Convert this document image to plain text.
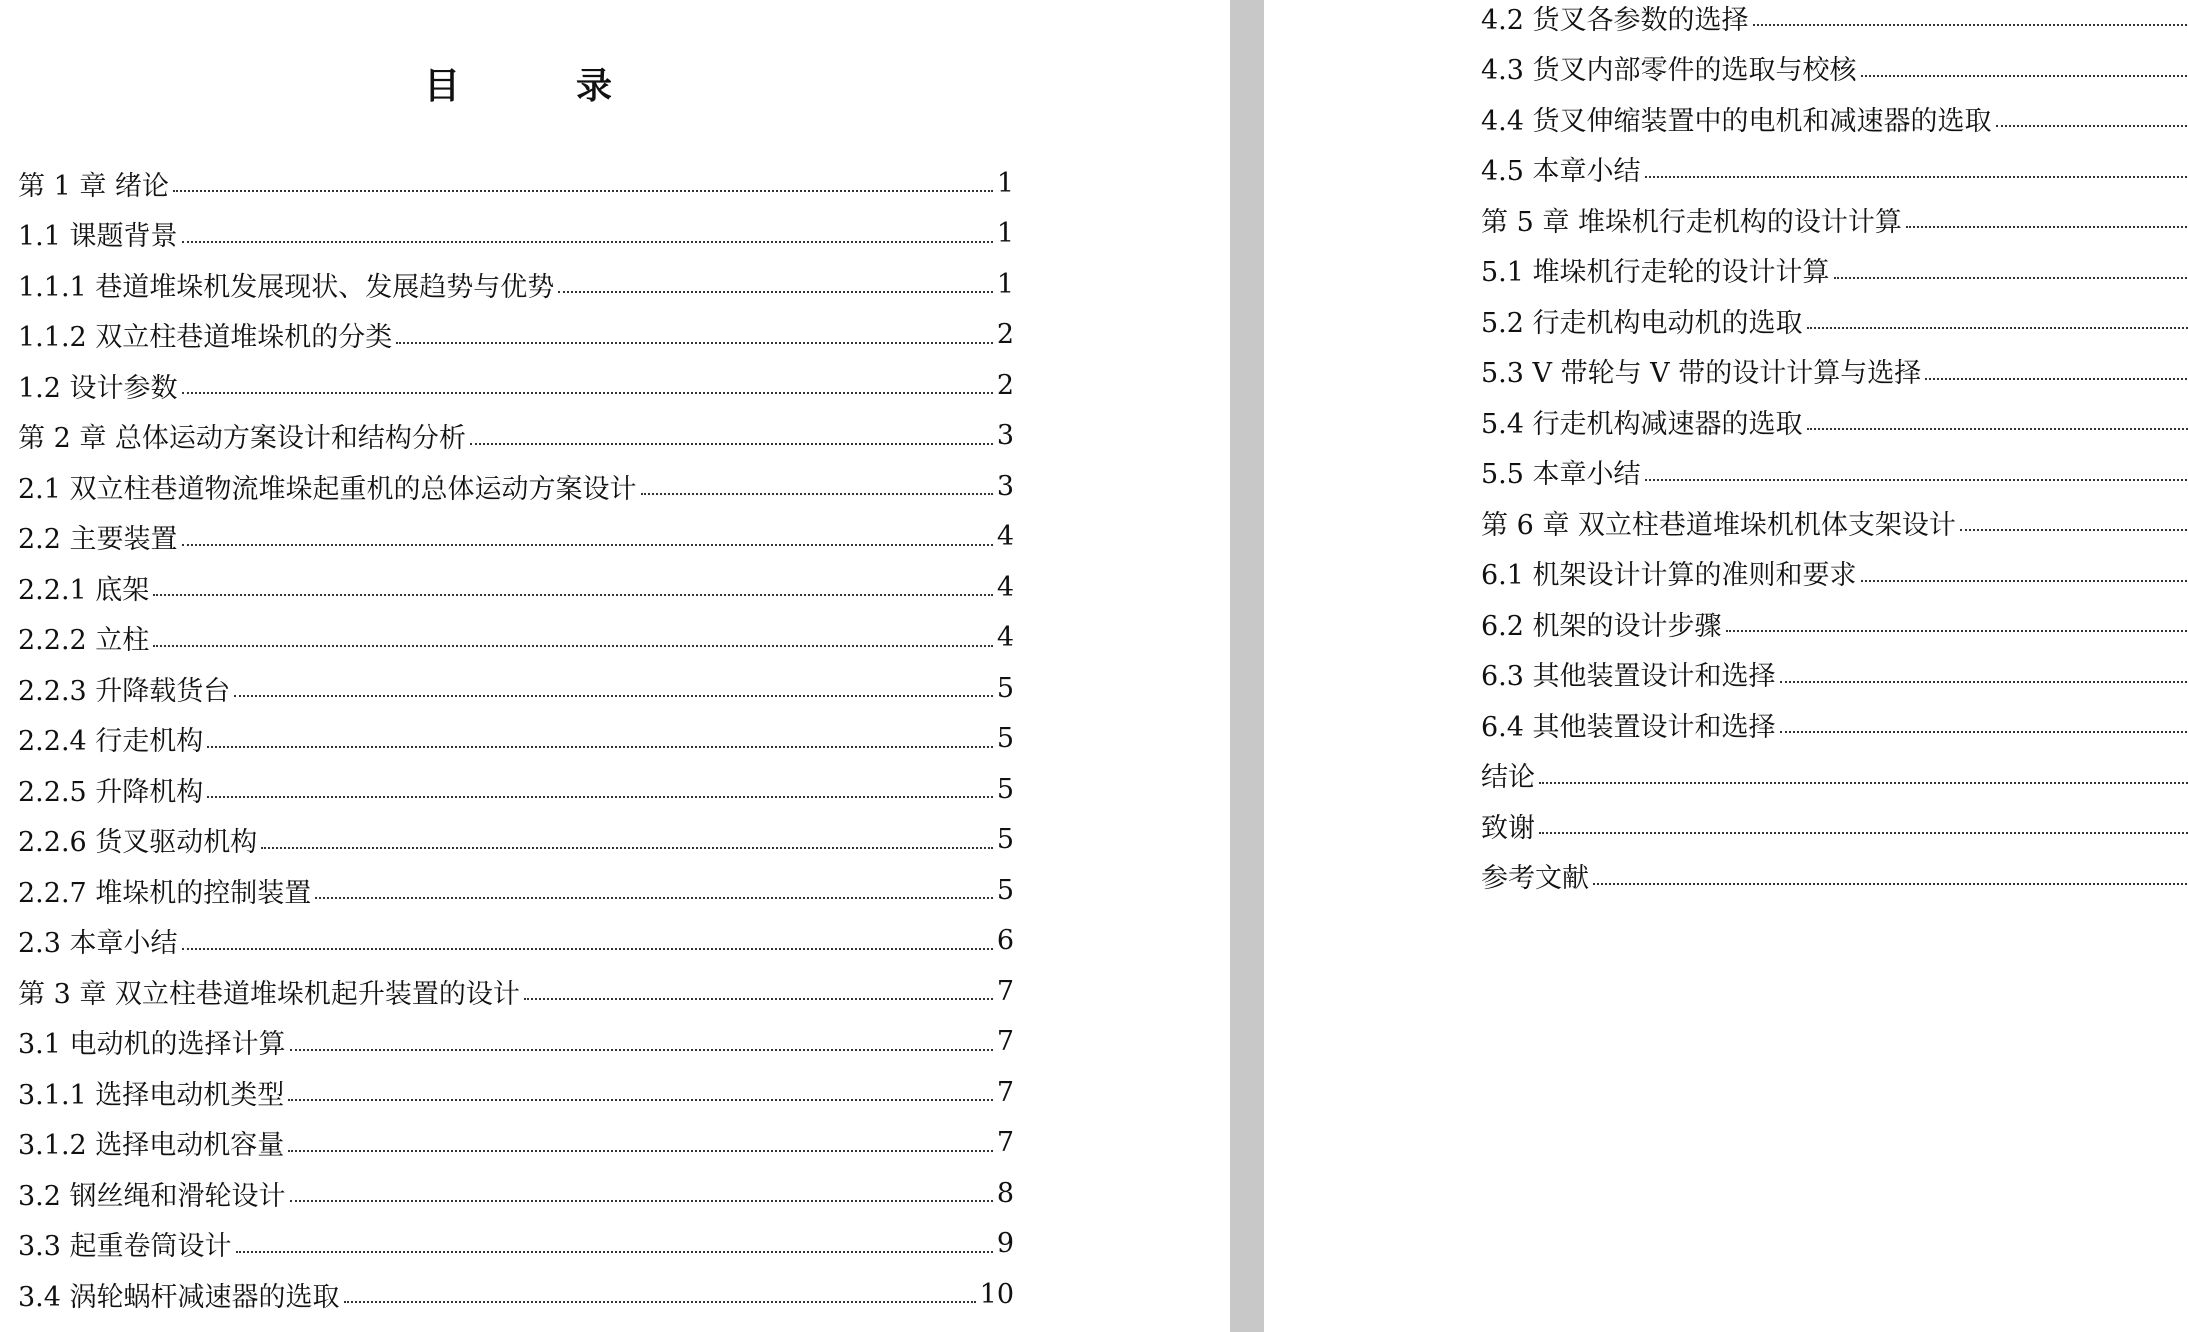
目　录
第 1 章 绪论	1
1.1 课题背景	1
1.1.1 巷道堆垛机发展现状、发展趋势与优势	1
1.1.2 双立柱巷道堆垛机的分类	2
1.2 设计参数	2
第 2 章 总体运动方案设计和结构分析	3
2.1 双立柱巷道物流堆垛起重机的总体运动方案设计	3
2.2 主要装置	4
2.2.1 底架	4
2.2.2 立柱	4
2.2.3 升降载货台	5
2.2.4 行走机构	5
2.2.5 升降机构	5
2.2.6 货叉驱动机构	5
2.2.7 堆垛机的控制装置	5
2.3 本章小结	6
第 3 章 双立柱巷道堆垛机起升装置的设计	7
3.1 电动机的选择计算	7
3.1.1 选择电动机类型	7
3.1.2 选择电动机容量	7
3.2 钢丝绳和滑轮设计	8
3.3 起重卷筒设计	9
3.4 涡轮蜗杆减速器的选取	10
4.2 货叉各参数的选择
4.3 货叉内部零件的选取与校核
4.4 货叉伸缩装置中的电机和减速器的选取
4.5 本章小结
第 5 章 堆垛机行走机构的设计计算
5.1 堆垛机行走轮的设计计算
5.2 行走机构电动机的选取
5.3 V 带轮与 V 带的设计计算与选择
5.4 行走机构减速器的选取
5.5 本章小结
第 6 章 双立柱巷道堆垛机机体支架设计
6.1 机架设计计算的准则和要求
6.2 机架的设计步骤
6.3 其他装置设计和选择
6.4 其他装置设计和选择
结论
致谢
参考文献
